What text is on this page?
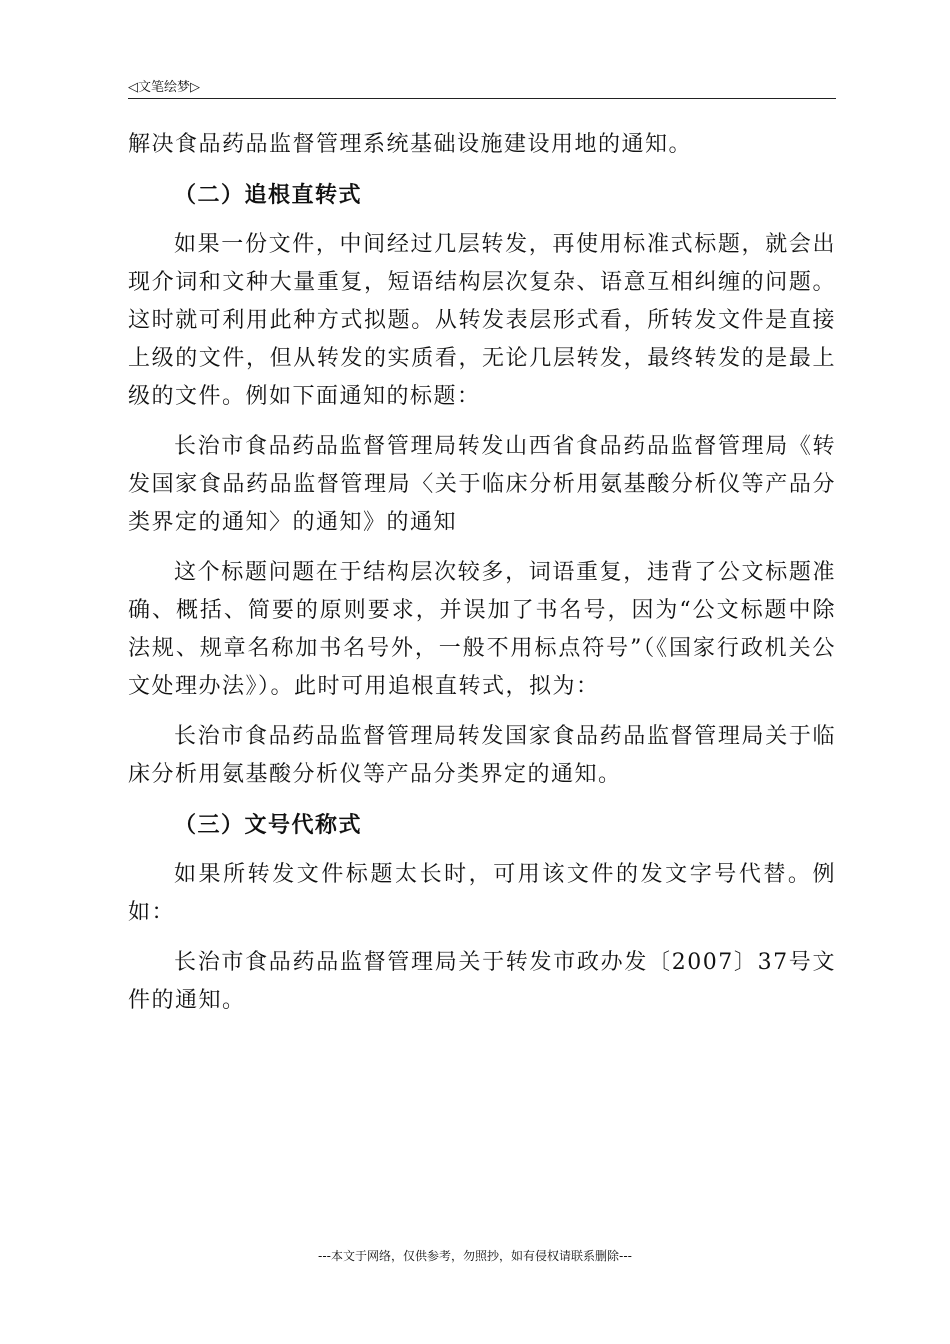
◁文笔绘梦▷

解决食品药品监督管理系统基础设施建设用地的通知。

（二）追根直转式

如果一份文件，中间经过几层转发，再使用标准式标题，就会出现介词和文种大量重复，短语结构层次复杂、语意互相纠缠的问题。这时就可利用此种方式拟题。从转发表层形式看，所转发文件是直接上级的文件，但从转发的实质看，无论几层转发，最终转发的是最上级的文件。例如下面通知的标题：

长治市食品药品监督管理局转发山西省食品药品监督管理局《转发国家食品药品监督管理局〈关于临床分析用氨基酸分析仪等产品分类界定的通知〉的通知》的通知

这个标题问题在于结构层次较多，词语重复，违背了公文标题准确、概括、简要的原则要求，并误加了书名号，因为“公文标题中除法规、规章名称加书名号外，一般不用标点符号”（《国家行政机关公文处理办法》）。此时可用追根直转式，拟为：

长治市食品药品监督管理局转发国家食品药品监督管理局关于临床分析用氨基酸分析仪等产品分类界定的通知。

（三）文号代称式

如果所转发文件标题太长时，可用该文件的发文字号代替。例如：

长治市食品药品监督管理局关于转发市政办发〔2007〕37号文件的通知。

---本文于网络，仅供参考，勿照抄，如有侵权请联系删除---
